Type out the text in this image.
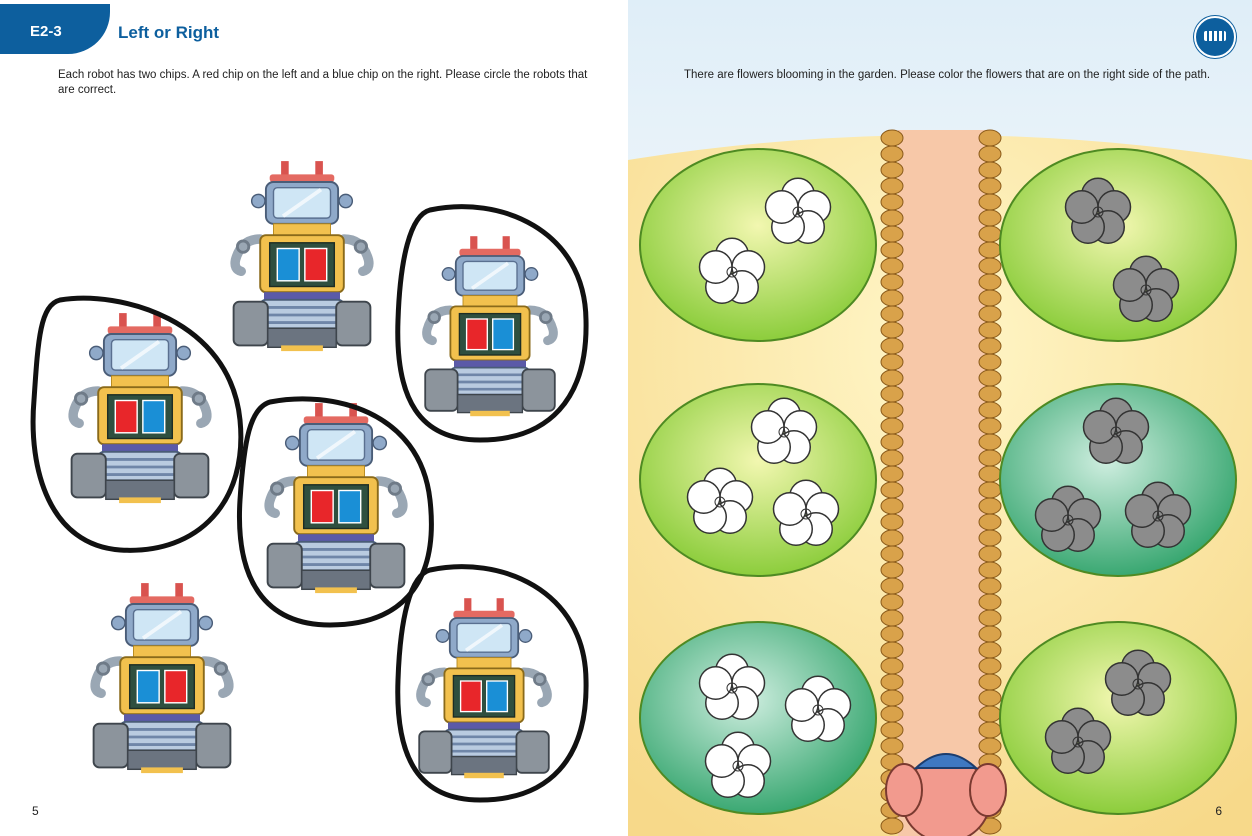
E2-3	Left or Right
Each robot has two chips. A red chip on the left and a blue chip on the right. Please circle the robots that are correct.
5
There are flowers blooming in the garden. Please color the flowers that are on the right side of the path.
6
